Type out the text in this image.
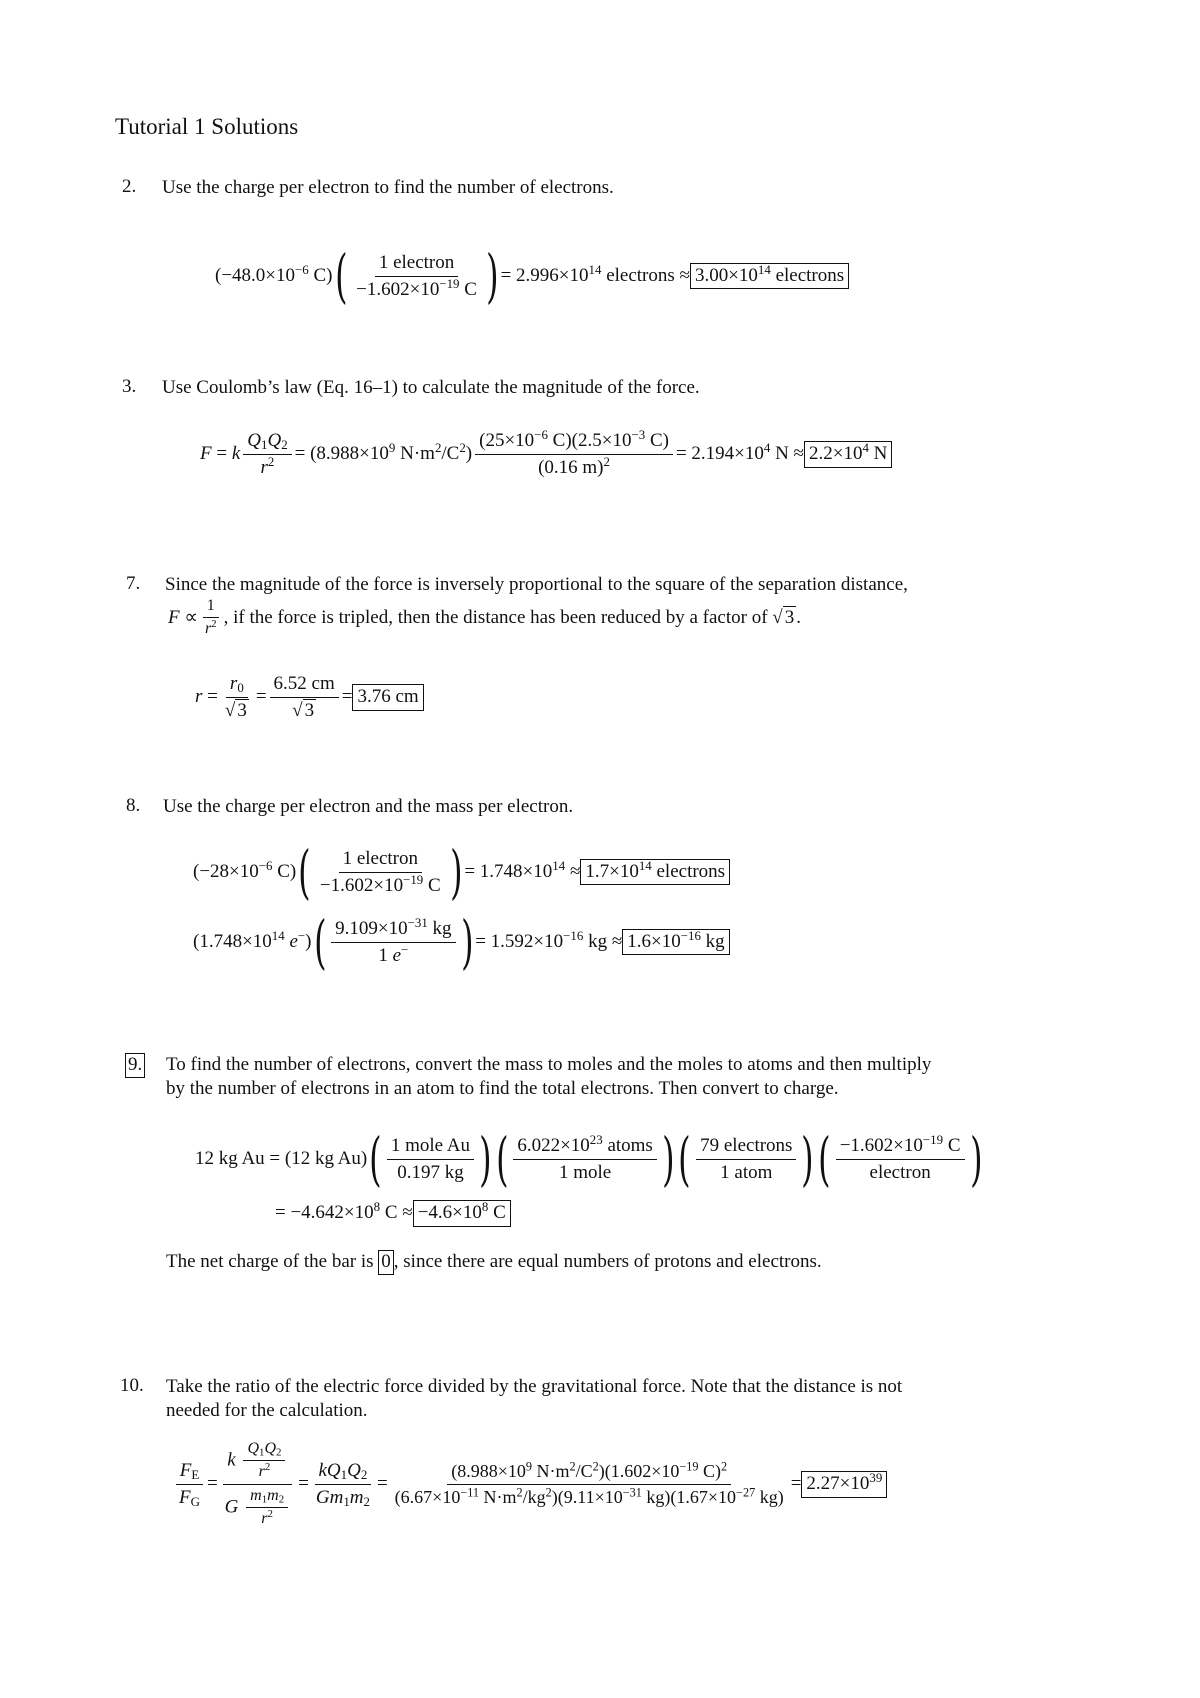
Tutorial 1 Solutions
2. Use the charge per electron to find the number of electrons.
($-48.0\times 10^{-6}$ C) ( $\frac{\text{1 electron}}{-1.602\times 10^{-19} C}$ ) = $2.996\times 10^{14}$ electrons ≈ $3.00\times 10^{14}$ electrons
3. Use Coulomb’s law (Eq. 16–1) to calculate the magnitude of the force.
F = k $\frac{Q_1Q_2}{r^2} = (8.988\times 10^9$ $N\cdot m^2/C^2) \frac{(25\times 10^{-6} C)(2.5\times 10^{-3} C)}{(0.16 m)^2} = 2.194\times 10^4$ $N \approx 2.2\times 10^4$ N
7. Since the magnitude of the force is inversely proportional to the square of the separation distance,
$F \propto \frac{1}{r^2}$ , if the force is tripled, then the distance has been reduced by a factor of √ 3 .
$r = \frac{r_0}{√ 3} = \frac{6.52 cm}{√ 3} = 3.76$ cm
8. Use the charge per electron and the mass per electron.
($-28\times 10^{-6}$ C) ( $\frac{\text{1 electron}}{-1.602\times 10^{-19} C}$ ) = $1.748\times 10^{14} \approx 1.7\times 10^{14}$ electrons
($1.748\times 10^{14}$ e−) ( $\frac{9.109\times 10^{-31} kg}{1 e^-}$ ) = $1.592\times 10^{-16}$ kg ≈ $1.6\times 10^{-16}$ kg
9. To find the number of electrons, convert the mass to moles and the moles to atoms and then multiply
by the number of electrons in an atom to find the total electrons. Then convert to charge.
12 kg Au = (12 kg Au) ( $\frac{\text{1 mole Au}}{0.197 kg}$ ) ( $\frac{6.022\times 10^{23} atoms}{\text{1 mole}}$ ) ( $\frac{\text{79 electrons}}{\text{1 atom}}$ ) ( $\frac{-1.602\times 10^{-19} C}{\text{electron}}$ )
= $-4.642\times 10^8$ $C \approx -4.6\times 10^8$ C
The net charge of the bar is 0 , since there are equal numbers of protons and electrons.
10. Take the ratio of the electric force divided by the gravitational force. Note that the distance is not
needed for the calculation.
$\frac{F_E}{F_G} = \frac{k \frac{Q_1Q_2}{r^2}}{G \frac{m_1m_2}{r^2}} = \frac{kQ_1Q_2}{Gm_1m_2} = \frac{(8.988\times 10^9 N\cdot m^2/C^2)(1.602\times 10^{-19} C)^2}{(6.67\times 10^{-11} N\cdot m^2/kg^2)(9.11\times 10^{-31} kg)(1.67\times 10^{-27} kg)} = 2.27\times 10^{39}$
